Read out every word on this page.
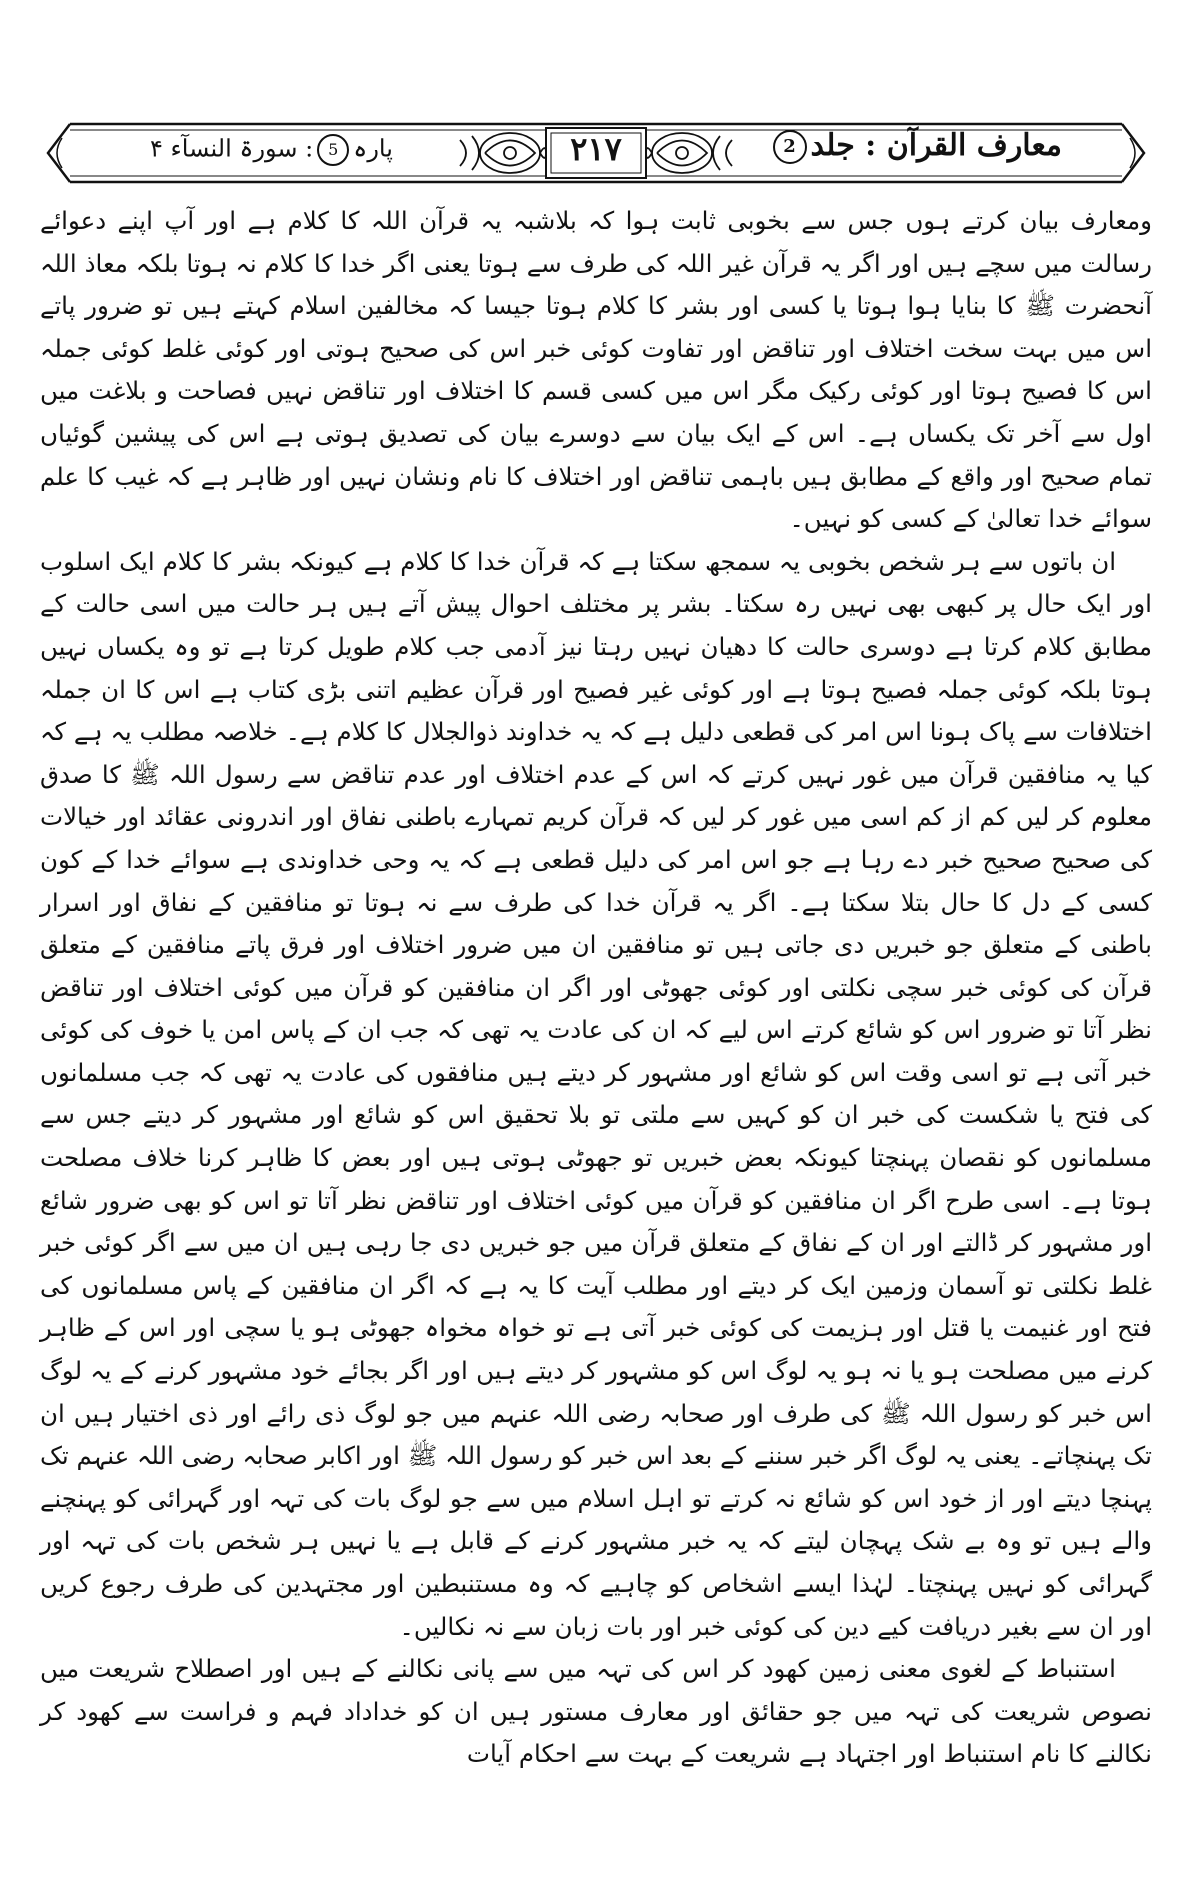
معارف القرآن : جلد2
۲۱۷
پارہ5: سورۃ النسآء ۴

ومعارف بیان کرتے ہوں جس سے بخوبی ثابت ہوا کہ بلاشبہ یہ قرآن اللہ کا کلام ہے اور آپ اپنے دعوائے رسالت میں سچے ہیں اور اگر یہ قرآن غیر اللہ کی طرف سے ہوتا یعنی اگر خدا کا کلام نہ ہوتا بلکہ معاذ اللہ آنحضرت ﷺ کا بنایا ہوا ہوتا یا کسی اور بشر کا کلام ہوتا جیسا کہ مخالفین اسلام کہتے ہیں تو ضرور پاتے اس میں بہت سخت اختلاف اور تناقض اور تفاوت کوئی خبر اس کی صحیح ہوتی اور کوئی غلط کوئی جملہ اس کا فصیح ہوتا اور کوئی رکیک مگر اس میں کسی قسم کا اختلاف اور تناقض نہیں فصاحت و بلاغت میں اول سے آخر تک یکساں ہے۔ اس کے ایک بیان سے دوسرے بیان کی تصدیق ہوتی ہے اس کی پیشین گوئیاں تمام صحیح اور واقع کے مطابق ہیں باہمی تناقض اور اختلاف کا نام ونشان نہیں اور ظاہر ہے کہ غیب کا علم سوائے خدا تعالیٰ کے کسی کو نہیں۔

ان باتوں سے ہر شخص بخوبی یہ سمجھ سکتا ہے کہ قرآن خدا کا کلام ہے کیونکہ بشر کا کلام ایک اسلوب اور ایک حال پر کبھی بھی نہیں رہ سکتا۔ بشر پر مختلف احوال پیش آتے ہیں ہر حالت میں اسی حالت کے مطابق کلام کرتا ہے دوسری حالت کا دھیان نہیں رہتا نیز آدمی جب کلام طویل کرتا ہے تو وہ یکساں نہیں ہوتا بلکہ کوئی جملہ فصیح ہوتا ہے اور کوئی غیر فصیح اور قرآن عظیم اتنی بڑی کتاب ہے اس کا ان جملہ اختلافات سے پاک ہونا اس امر کی قطعی دلیل ہے کہ یہ خداوند ذوالجلال کا کلام ہے۔ خلاصہ مطلب یہ ہے کہ کیا یہ منافقین قرآن میں غور نہیں کرتے کہ اس کے عدم اختلاف اور عدم تناقض سے رسول اللہ ﷺ کا صدق معلوم کر لیں کم از کم اسی میں غور کر لیں کہ قرآن کریم تمہارے باطنی نفاق اور اندرونی عقائد اور خیالات کی صحیح صحیح خبر دے رہا ہے جو اس امر کی دلیل قطعی ہے کہ یہ وحی خداوندی ہے سوائے خدا کے کون کسی کے دل کا حال بتلا سکتا ہے۔ اگر یہ قرآن خدا کی طرف سے نہ ہوتا تو منافقین کے نفاق اور اسرار باطنی کے متعلق جو خبریں دی جاتی ہیں تو منافقین ان میں ضرور اختلاف اور فرق پاتے منافقین کے متعلق قرآن کی کوئی خبر سچی نکلتی اور کوئی جھوٹی اور اگر ان منافقین کو قرآن میں کوئی اختلاف اور تناقض نظر آتا تو ضرور اس کو شائع کرتے اس لیے کہ ان کی عادت یہ تھی کہ جب ان کے پاس امن یا خوف کی کوئی خبر آتی ہے تو اسی وقت اس کو شائع اور مشہور کر دیتے ہیں منافقوں کی عادت یہ تھی کہ جب مسلمانوں کی فتح یا شکست کی خبر ان کو کہیں سے ملتی تو بلا تحقیق اس کو شائع اور مشہور کر دیتے جس سے مسلمانوں کو نقصان پہنچتا کیونکہ بعض خبریں تو جھوٹی ہوتی ہیں اور بعض کا ظاہر کرنا خلاف مصلحت ہوتا ہے۔ اسی طرح اگر ان منافقین کو قرآن میں کوئی اختلاف اور تناقض نظر آتا تو اس کو بھی ضرور شائع اور مشہور کر ڈالتے اور ان کے نفاق کے متعلق قرآن میں جو خبریں دی جا رہی ہیں ان میں سے اگر کوئی خبر غلط نکلتی تو آسمان وزمین ایک کر دیتے اور مطلب آیت کا یہ ہے کہ اگر ان منافقین کے پاس مسلمانوں کی فتح اور غنیمت یا قتل اور ہزیمت کی کوئی خبر آتی ہے تو خواہ مخواہ جھوٹی ہو یا سچی اور اس کے ظاہر کرنے میں مصلحت ہو یا نہ ہو یہ لوگ اس کو مشہور کر دیتے ہیں اور اگر بجائے خود مشہور کرنے کے یہ لوگ اس خبر کو رسول اللہ ﷺ کی طرف اور صحابہ رضی اللہ عنہم میں جو لوگ ذی رائے اور ذی اختیار ہیں ان تک پہنچاتے۔ یعنی یہ لوگ اگر خبر سننے کے بعد اس خبر کو رسول اللہ ﷺ اور اکابر صحابہ رضی اللہ عنہم تک پہنچا دیتے اور از خود اس کو شائع نہ کرتے تو اہل اسلام میں سے جو لوگ بات کی تہہ اور گہرائی کو پہنچنے والے ہیں تو وہ بے شک پہچان لیتے کہ یہ خبر مشہور کرنے کے قابل ہے یا نہیں ہر شخص بات کی تہہ اور گہرائی کو نہیں پہنچتا۔ لہٰذا ایسے اشخاص کو چاہیے کہ وہ مستنبطین اور مجتہدین کی طرف رجوع کریں اور ان سے بغیر دریافت کیے دین کی کوئی خبر اور بات زبان سے نہ نکالیں۔

استنباط کے لغوی معنی زمین کھود کر اس کی تہہ میں سے پانی نکالنے کے ہیں اور اصطلاح شریعت میں نصوص شریعت کی تہہ میں جو حقائق اور معارف مستور ہیں ان کو خداداد فہم و فراست سے کھود کر نکالنے کا نام استنباط اور اجتہاد ہے شریعت کے بہت سے احکام آیات
